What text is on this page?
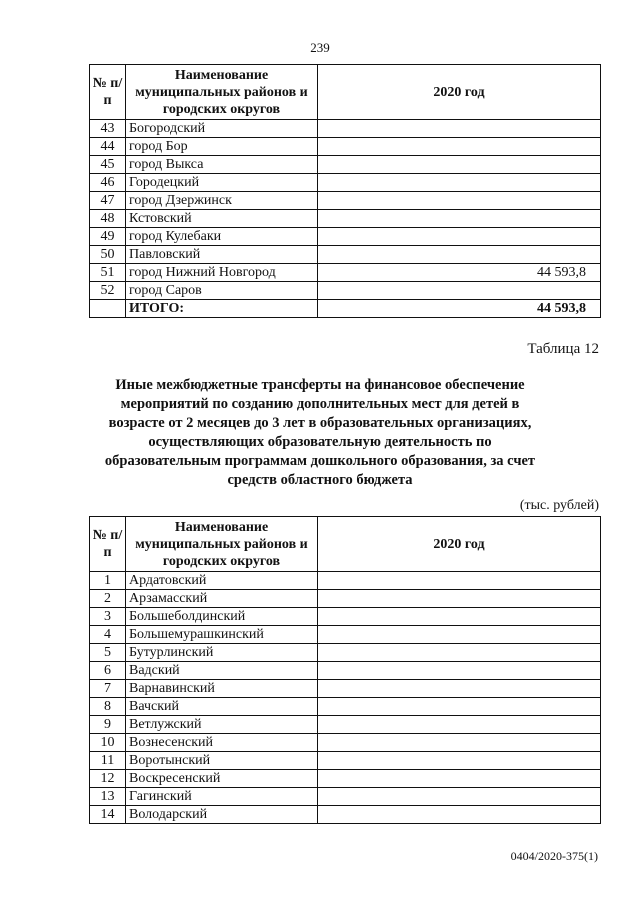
239
№ п/п	Наименование муниципальных районов и городских округов	2020 год
43	Богородский	
44	город Бор	
45	город Выкса	
46	Городецкий	
47	город Дзержинск	
48	Кстовский	
49	город Кулебаки	
50	Павловский	
51	город Нижний Новгород	44 593,8
52	город Саров	
	ИТОГО:	44 593,8
Таблица 12
Иные межбюджетные трансферты на финансовое обеспечение мероприятий по созданию дополнительных мест для детей в возрасте от 2 месяцев до 3 лет в образовательных организациях, осуществляющих образовательную деятельность по образовательным программам дошкольного образования, за счет средств областного бюджета
(тыс. рублей)
№ п/п	Наименование муниципальных районов и городских округов	2020 год
1	Ардатовский	
2	Арзамасский	
3	Большеболдинский	
4	Большемурашкинский	
5	Бутурлинский	
6	Вадский	
7	Варнавинский	
8	Вачский	
9	Ветлужский	
10	Вознесенский	
11	Воротынский	
12	Воскресенский	
13	Гагинский	
14	Володарский	
0404/2020-375(1)
